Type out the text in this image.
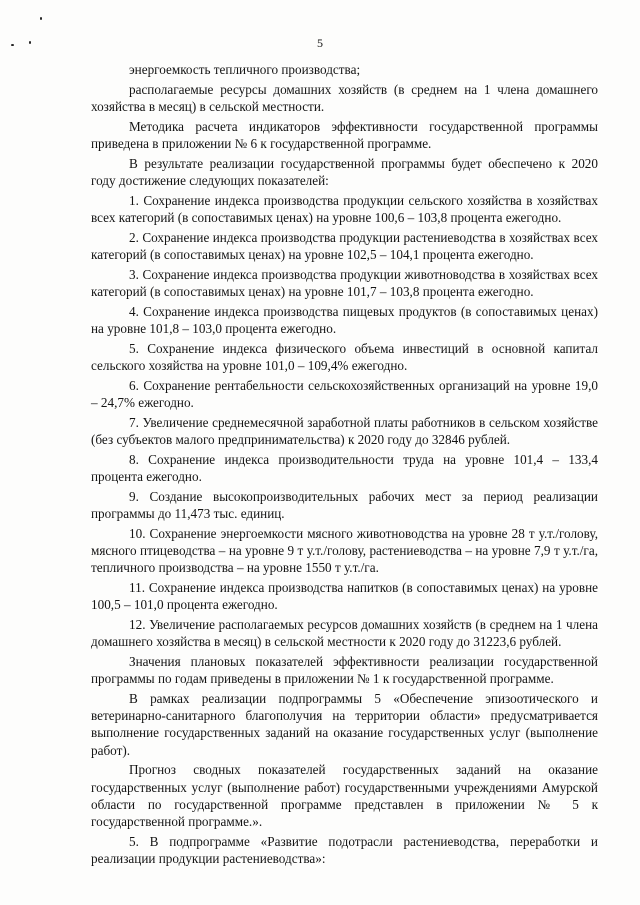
5

энергоемкость тепличного производства;

располагаемые ресурсы домашних хозяйств (в среднем на 1 члена домашнего хозяйства в месяц) в сельской местности.

Методика расчета индикаторов эффективности государственной программы приведена в приложении № 6 к государственной программе.

В результате реализации государственной программы будет обеспечено к 2020 году достижение следующих показателей:

1. Сохранение индекса производства продукции сельского хозяйства в хозяйствах всех категорий (в сопоставимых ценах) на уровне 100,6 – 103,8 процента ежегодно.

2. Сохранение индекса производства продукции растениеводства в хозяйствах всех категорий (в сопоставимых ценах) на уровне 102,5 – 104,1 процента ежегодно.

3. Сохранение индекса производства продукции животноводства в хозяйствах всех категорий (в сопоставимых ценах) на уровне 101,7 – 103,8 процента ежегодно.

4. Сохранение индекса производства пищевых продуктов (в сопоставимых ценах) на уровне 101,8 – 103,0 процента ежегодно.

5. Сохранение индекса физического объема инвестиций в основной капитал сельского хозяйства на уровне 101,0 – 109,4% ежегодно.

6. Сохранение рентабельности сельскохозяйственных организаций на уровне 19,0 – 24,7% ежегодно.

7. Увеличение среднемесячной заработной платы работников в сельском хозяйстве (без субъектов малого предпринимательства) к 2020 году до 32846 рублей.

8. Сохранение индекса производительности труда на уровне 101,4 – 133,4 процента ежегодно.

9. Создание высокопроизводительных рабочих мест за период реализации программы до 11,473 тыс. единиц.

10. Сохранение энергоемкости мясного животноводства на уровне 28 т у.т./голову, мясного птицеводства – на уровне 9 т у.т./голову, растениеводства – на уровне 7,9 т у.т./га, тепличного производства – на уровне 1550 т у.т./га.

11. Сохранение индекса производства напитков (в сопоставимых ценах) на уровне 100,5 – 101,0 процента ежегодно.

12. Увеличение располагаемых ресурсов домашних хозяйств (в среднем на 1 члена домашнего хозяйства в месяц) в сельской местности к 2020 году до 31223,6 рублей.

Значения плановых показателей эффективности реализации государственной программы по годам приведены в приложении № 1 к государственной программе.

В рамках реализации подпрограммы 5 «Обеспечение эпизоотического и ветеринарно-санитарного благополучия на территории области» предусматривается выполнение государственных заданий на оказание государственных услуг (выполнение работ).

Прогноз сводных показателей государственных заданий на оказание государственных услуг (выполнение работ) государственными учреждениями Амурской области по государственной программе представлен в приложении № 5 к государственной программе.».

5. В подпрограмме «Развитие подотрасли растениеводства, переработки и реализации продукции растениеводства»:
